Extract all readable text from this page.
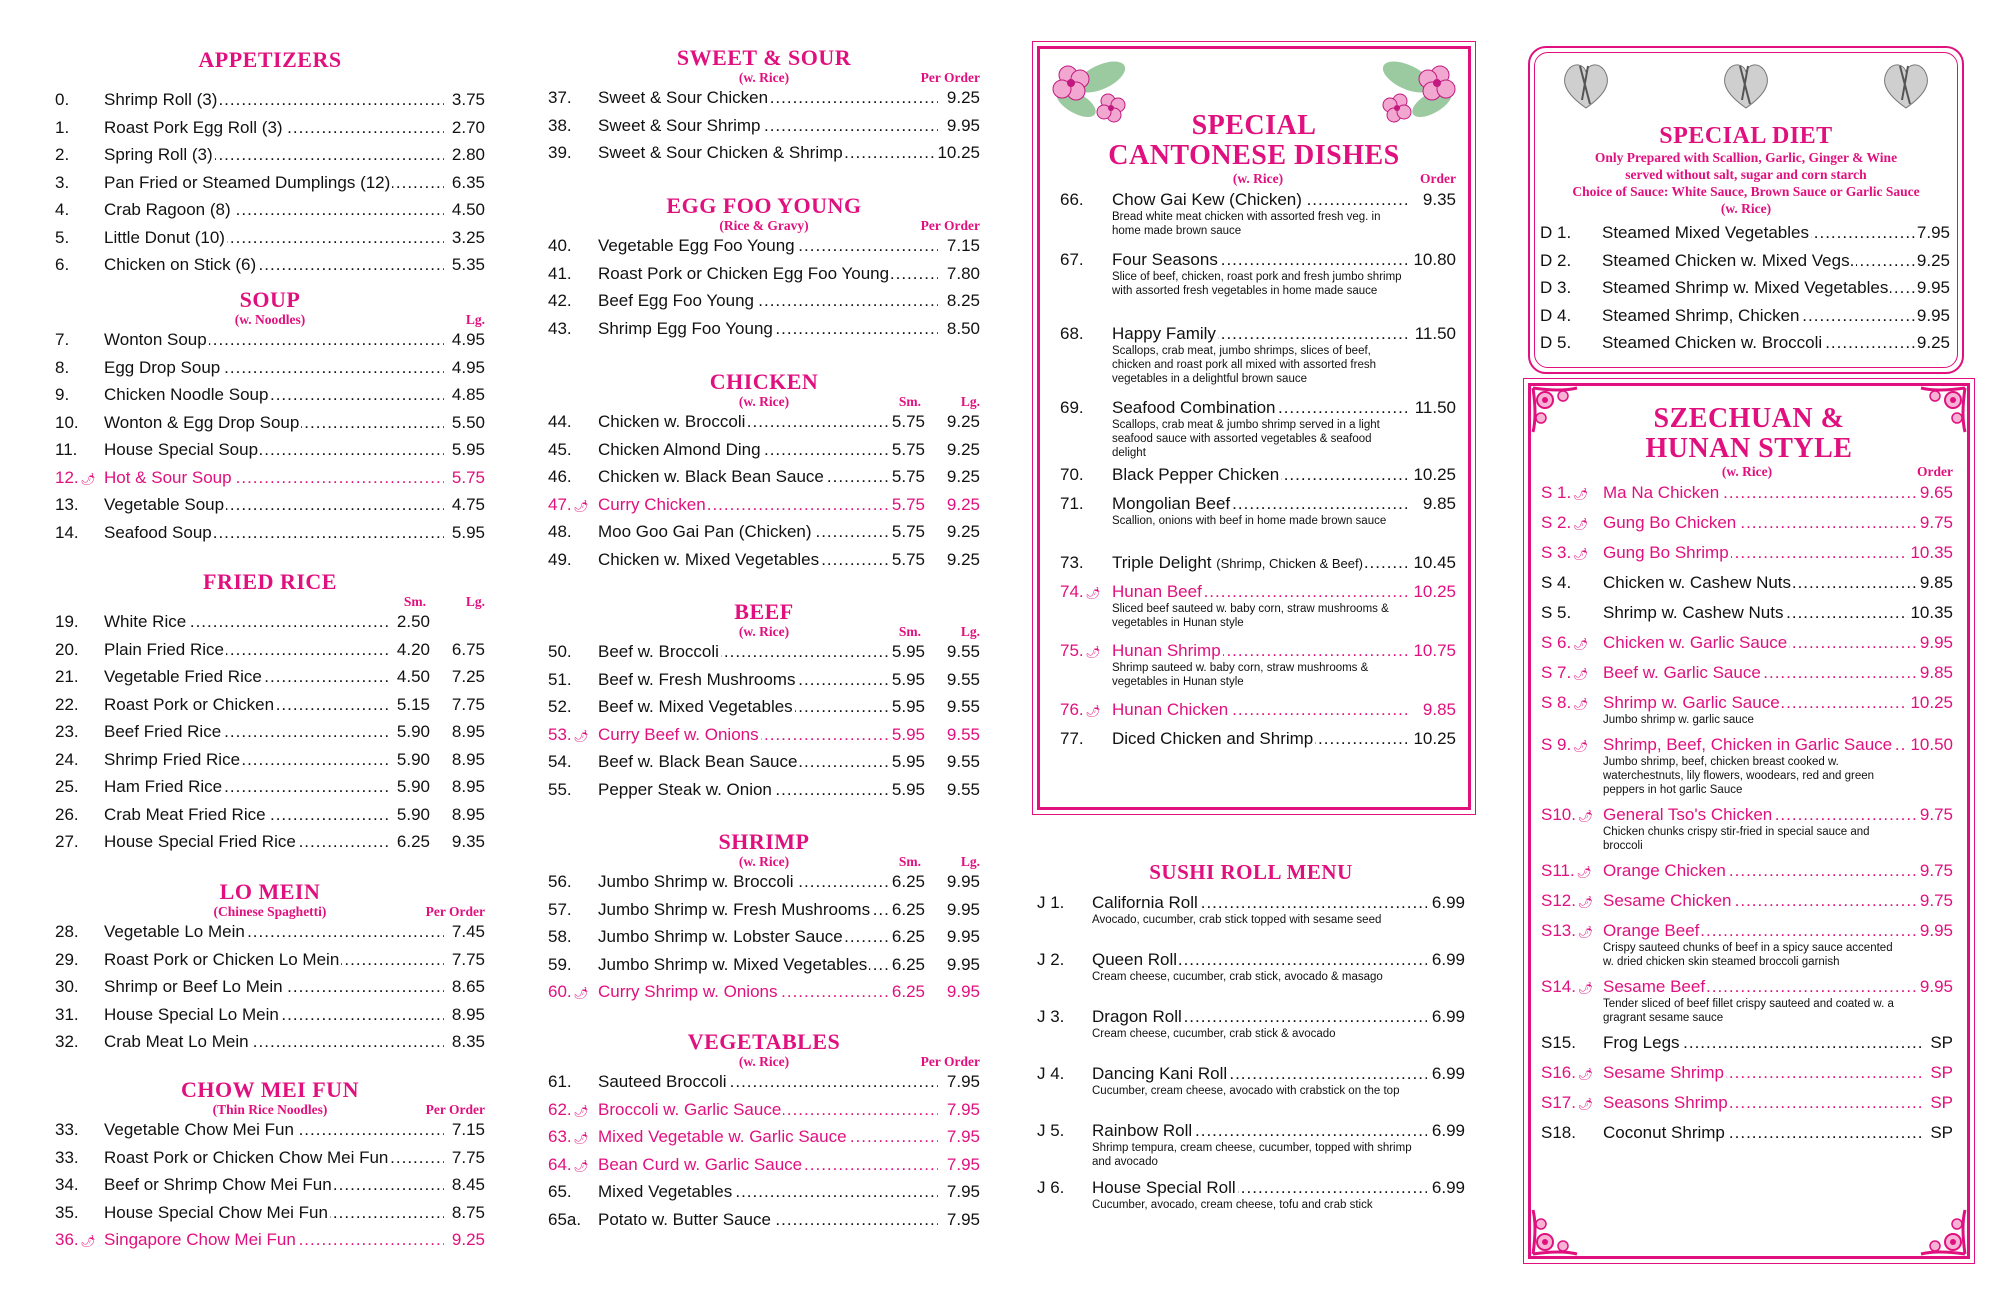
APPETIZERS
0. Shrimp Roll (3) .....	3.75
1. Roast Pork Egg Roll (3) .....	2.70
2. Spring Roll (3) .....	2.80
3. Pan Fried or Steamed Dumplings (12) .....	6.35
4. Crab Ragoon (8) .....	4.50
5. Little Donut (10) .....	3.25
6. Chicken on Stick (6) .....	5.35
SOUP
(w. Noodles)	Lg.
7. Wonton Soup .....	4.95
8. Egg Drop Soup .....	4.95
9. Chicken Noodle Soup .....	4.85
10. Wonton & Egg Drop Soup .....	5.50
11. House Special Soup .....	5.95
12. 🌶 Hot & Sour Soup .....	5.75
13. Vegetable Soup .....	4.75
14. Seafood Soup .....	5.95
FRIED RICE
Sm.	Lg.
19. White Rice .....	2.50
20. Plain Fried Rice .....	4.20 6.75
21. Vegetable Fried Rice .....	4.50 7.25
22. Roast Pork or Chicken .....	5.15 7.75
23. Beef Fried Rice .....	5.90 8.95
24. Shrimp Fried Rice .....	5.90 8.95
25. Ham Fried Rice .....	5.90 8.95
26. Crab Meat Fried Rice .....	5.90 8.95
27. House Special Fried Rice .....	6.25 9.35
LO MEIN
(Chinese Spaghetti)	Per Order
28. Vegetable Lo Mein .....	7.45
29. Roast Pork or Chicken Lo Mein .....	7.75
30. Shrimp or Beef Lo Mein .....	8.65
31. House Special Lo Mein .....	8.95
32. Crab Meat Lo Mein .....	8.35
CHOW MEI FUN
(Thin Rice Noodles)	Per Order
33. Vegetable Chow Mei Fun .....	7.15
33. Roast Pork or Chicken Chow Mei Fun .....	7.75
34. Beef or Shrimp Chow Mei Fun .....	8.45
35. House Special Chow Mei Fun .....	8.75
36. 🌶 Singapore Chow Mei Fun .....	9.25
SWEET & SOUR
(w. Rice)	Per Order
37. Sweet & Sour Chicken .....	9.25
38. Sweet & Sour Shrimp .....	9.95
39. Sweet & Sour Chicken & Shrimp .....	10.25
EGG FOO YOUNG
(Rice & Gravy)	Per Order
40. Vegetable Egg Foo Young .....	7.15
41. Roast Pork or Chicken Egg Foo Young .....	7.80
42. Beef Egg Foo Young .....	8.25
43. Shrimp Egg Foo Young .....	8.50
CHICKEN
(w. Rice)	Sm.	Lg.
44. Chicken w. Broccoli .....	5.75 9.25
45. Chicken Almond Ding .....	5.75 9.25
46. Chicken w. Black Bean Sauce .....	5.75 9.25
47. 🌶 Curry Chicken .....	5.75 9.25
48. Moo Goo Gai Pan (Chicken) .....	5.75 9.25
49. Chicken w. Mixed Vegetables .....	5.75 9.25
BEEF
(w. Rice)	Sm.	Lg.
50. Beef w. Broccoli .....	5.95 9.55
51. Beef w. Fresh Mushrooms .....	5.95 9.55
52. Beef w. Mixed Vegetables .....	5.95 9.55
53. 🌶 Curry Beef w. Onions .....	5.95 9.55
54. Beef w. Black Bean Sauce .....	5.95 9.55
55. Pepper Steak w. Onion .....	5.95 9.55
SHRIMP
(w. Rice)	Sm.	Lg.
56. Jumbo Shrimp w. Broccoli .....	6.25 9.95
57. Jumbo Shrimp w. Fresh Mushrooms .....	6.25 9.95
58. Jumbo Shrimp w. Lobster Sauce .....	6.25 9.95
59. Jumbo Shrimp w. Mixed Vegetables .....	6.25 9.95
60. 🌶 Curry Shrimp w. Onions .....	6.25 9.95
VEGETABLES
(w. Rice)	Per Order
61. Sauteed Broccoli .....	7.95
62. 🌶 Broccoli w. Garlic Sauce .....	7.95
63. 🌶 Mixed Vegetable w. Garlic Sauce .....	7.95
64. 🌶 Bean Curd w. Garlic Sauce .....	7.95
65. Mixed Vegetables .....	7.95
65a. Potato w. Butter Sauce .....	7.95
SPECIAL
CANTONESE DISHES
(w. Rice)	Order
66. Chow Gai Kew (Chicken) .....	9.35
Bread white meat chicken with assorted fresh veg. in home made brown sauce
67. Four Seasons .....	10.80
Slice of beef, chicken, roast pork and fresh jumbo shrimp with assorted fresh vegetables in home made sauce
68. Happy Family .....	11.50
Scallops, crab meat, jumbo shrimps, slices of beef, chicken and roast pork all mixed with assorted fresh vegetables in a delightful brown sauce
69. Seafood Combination .....	11.50
Scallops, crab meat & jumbo shrimp served in a light seafood sauce with assorted vegetables & seafood delight
70. Black Pepper Chicken .....	10.25
71. Mongolian Beef .....	9.85
Scallion, onions with beef in home made brown sauce
73. Triple Delight (Shrimp, Chicken & Beef) .....	10.45
74. 🌶 Hunan Beef .....	10.25
Sliced beef sauteed w. baby corn, straw mushrooms & vegetables in Hunan style
75. 🌶 Hunan Shrimp .....	10.75
Shrimp sauteed w. baby corn, straw mushrooms & vegetables in Hunan style
76. 🌶 Hunan Chicken .....	9.85
77. Diced Chicken and Shrimp .....	10.25
SUSHI ROLL MENU
J 1. California Roll .....	6.99
Avocado, cucumber, crab stick topped with sesame seed
J 2. Queen Roll .....	6.99
Cream cheese, cucumber, crab stick, avocado & masago
J 3. Dragon Roll .....	6.99
Cream cheese, cucumber, crab stick & avocado
J 4. Dancing Kani Roll .....	6.99
Cucumber, cream cheese, avocado with crabstick on the top
J 5. Rainbow Roll .....	6.99
Shrimp tempura, cream cheese, cucumber, topped with shrimp and avocado
J 6. House Special Roll .....	6.99
Cucumber, avocado, cream cheese, tofu and crab stick
SPECIAL DIET
Only Prepared with Scallion, Garlic, Ginger & Wine
served without salt, sugar and corn starch
Choice of Sauce: White Sauce, Brown Sauce or Garlic Sauce
(w. Rice)
D 1. Steamed Mixed Vegetables .....	7.95
D 2. Steamed Chicken w. Mixed Vegs. .....	9.25
D 3. Steamed Shrimp w. Mixed Vegetables .....	9.95
D 4. Steamed Shrimp, Chicken .....	9.95
D 5. Steamed Chicken w. Broccoli .....	9.25
SZECHUAN &
HUNAN STYLE
(w. Rice)	Order
S 1. 🌶 Ma Na Chicken .....	9.65
S 2. 🌶 Gung Bo Chicken .....	9.75
S 3. 🌶 Gung Bo Shrimp .....	10.35
S 4. Chicken w. Cashew Nuts .....	9.85
S 5. Shrimp w. Cashew Nuts .....	10.35
S 6. 🌶 Chicken w. Garlic Sauce .....	9.95
S 7. 🌶 Beef w. Garlic Sauce .....	9.85
S 8. 🌶 Shrimp w. Garlic Sauce .....	10.25
Jumbo shrimp w. garlic sauce
S 9. 🌶 Shrimp, Beef, Chicken in Garlic Sauce .....	10.50
Jumbo shrimp, beef, chicken breast cooked w. waterchestnuts, lily flowers, woodears, red and green peppers in hot garlic Sauce
S10. 🌶 General Tso's Chicken .....	9.75
Chicken chunks crispy stir-fried in special sauce and broccoli
S11. 🌶 Orange Chicken .....	9.75
S12. 🌶 Sesame Chicken .....	9.75
S13. 🌶 Orange Beef .....	9.95
Crispy sauteed chunks of beef in a spicy sauce accented w. dried chicken skin steamed broccoli garnish
S14. 🌶 Sesame Beef .....	9.95
Tender sliced of beef fillet crispy sauteed and coated w. a gragrant sesame sauce
S15. Frog Legs .....	SP
S16. 🌶 Sesame Shrimp .....	SP
S17. 🌶 Seasons Shrimp .....	SP
S18. Coconut Shrimp .....	SP
